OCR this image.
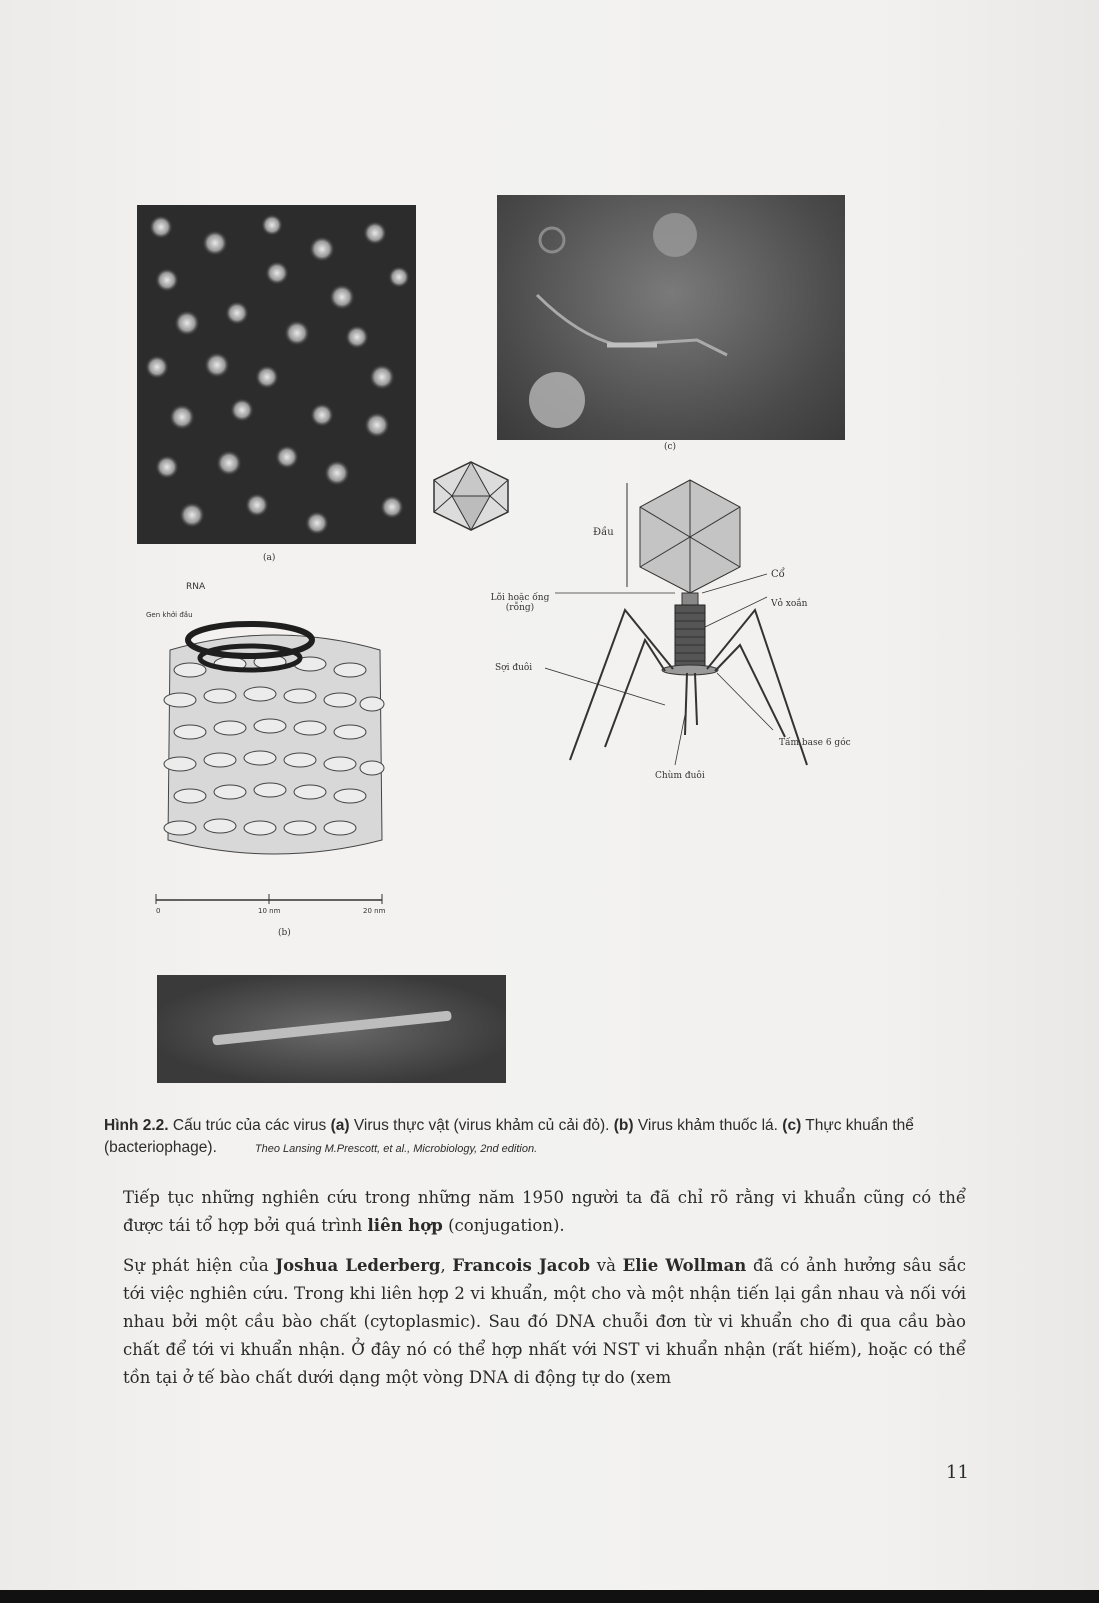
(a)
(c)
RNA
Gen khởi đầu
0	10 nm	20 nm
(b)
Đầu
Cổ
Lõi hoặc ống (rỗng)	Vỏ xoắn
Sợi đuôi
Tấm base 6 góc
Chùm đuôi
Hình 2.2. Cấu trúc của các virus (a) Virus thực vật (virus khảm củ cải đỏ). (b) Virus khảm thuốc lá. (c) Thực khuẩn thể (bacteriophage).	Theo Lansing M.Prescott, et al., Microbiology, 2nd edition.
Tiếp tục những nghiên cứu trong những năm 1950 người ta đã chỉ rõ rằng vi khuẩn cũng có thể được tái tổ hợp bởi quá trình liên hợp (conjugation).
Sự phát hiện của Joshua Lederberg, Francois Jacob và Elie Wollman đã có ảnh hưởng sâu sắc tới việc nghiên cứu. Trong khi liên hợp 2 vi khuẩn, một cho và một nhận tiến lại gần nhau và nối với nhau bởi một cầu bào chất (cytoplasmic). Sau đó DNA chuỗi đơn từ vi khuẩn cho đi qua cầu bào chất để tới vi khuẩn nhận. Ở đây nó có thể hợp nhất với NST vi khuẩn nhận (rất hiếm), hoặc có thể tồn tại ở tế bào chất dưới dạng một vòng DNA di động tự do (xem
11
